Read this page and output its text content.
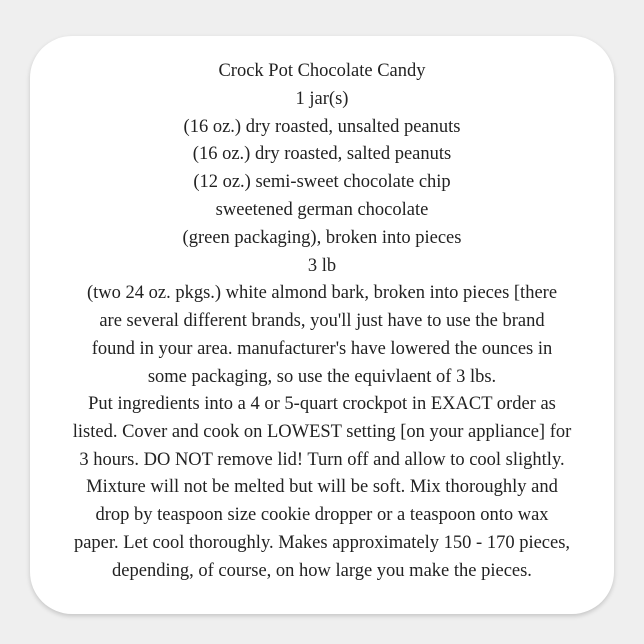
Crock Pot Chocolate Candy
1 jar(s)
(16 oz.) dry roasted, unsalted peanuts
(16 oz.) dry roasted, salted peanuts
(12 oz.) semi-sweet chocolate chip
sweetened german chocolate
(green packaging), broken into pieces
3 lb
(two 24 oz. pkgs.) white almond bark, broken into pieces [there
are several different brands, you'll just have to use the brand
found in your area. manufacturer's have lowered the ounces in
some packaging, so use the equivlaent of 3 lbs.
Put ingredients into a 4 or 5-quart crockpot in EXACT order as
listed. Cover and cook on LOWEST setting [on your appliance] for
3 hours. DO NOT remove lid! Turn off and allow to cool slightly.
Mixture will not be melted but will be soft. Mix thoroughly and
drop by teaspoon size cookie dropper or a teaspoon onto wax
paper. Let cool thoroughly. Makes approximately 150 - 170 pieces,
depending, of course, on how large you make the pieces.
